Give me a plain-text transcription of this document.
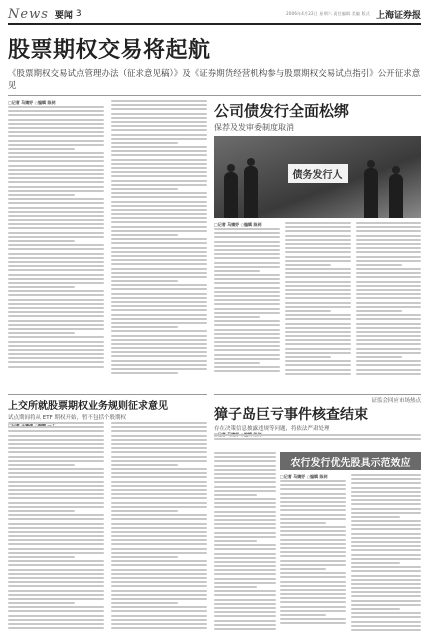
News 要闻 3	2006年4月22日 星期六 责任编辑 美编 版式 上海证券报
股票期权交易将起航
《股票期权交易试点管理办法（征求意见稿）》及《证券期货经营机构参与股票期权交易试点指引》公开征求意见
□记者 马婧妤 ○编辑 陈剑	公司债发行全面松绑
保荐及发审委制度取消
债务发行人
□记者 马婧妤 ○编辑 陈剑
上交所就股票期权业务规则征求意见
试点期间将从 ETF 期权开始，暂不包括个股期权
证监会回应市场热点
獐子岛巨亏事件核查结束
存在决策信息披露违规等问题，将依法严肃处理
农行发行优先股具示范效应
□记者 马婧妤 ○编辑 陈剑
